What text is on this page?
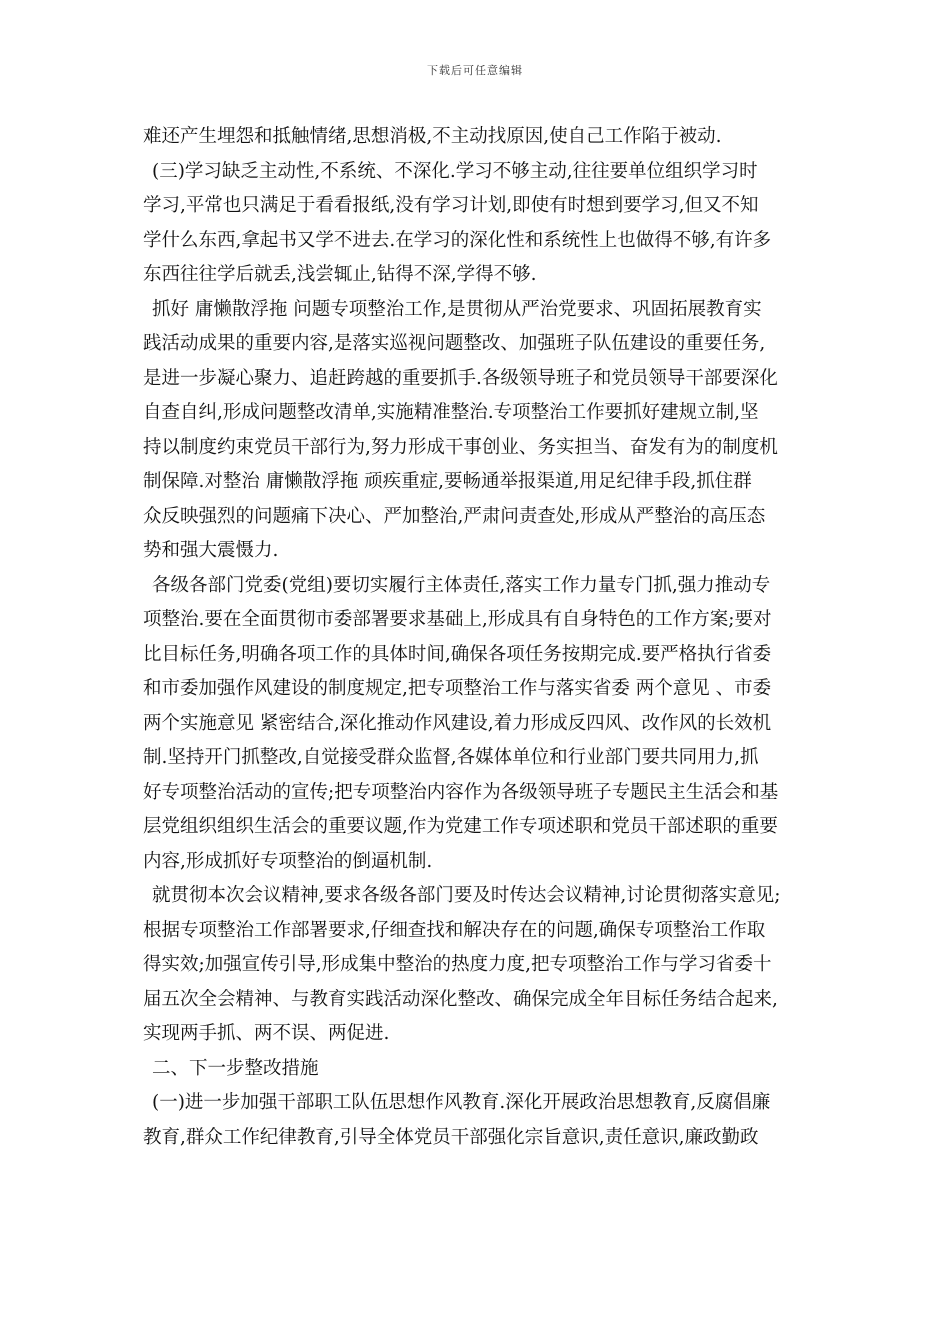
下载后可任意编辑
难还产生埋怨和抵触情绪,思想消极,不主动找原因,使自己工作陷于被动.
(三)学习缺乏主动性,不系统、不深化.学习不够主动,往往要单位组织学习时
学习,平常也只满足于看看报纸,没有学习计划,即使有时想到要学习,但又不知
学什么东西,拿起书又学不进去.在学习的深化性和系统性上也做得不够,有许多
东西往往学后就丢,浅尝辄止,钻得不深,学得不够.
抓好 庸懒散浮拖 问题专项整治工作,是贯彻从严治党要求、巩固拓展教育实
践活动成果的重要内容,是落实巡视问题整改、加强班子队伍建设的重要任务,
是进一步凝心聚力、追赶跨越的重要抓手.各级领导班子和党员领导干部要深化
自查自纠,形成问题整改清单,实施精准整治.专项整治工作要抓好建规立制,坚
持以制度约束党员干部行为,努力形成干事创业、务实担当、奋发有为的制度机
制保障.对整治 庸懒散浮拖 顽疾重症,要畅通举报渠道,用足纪律手段,抓住群
众反映强烈的问题痛下决心、严加整治,严肃问责查处,形成从严整治的高压态
势和强大震慑力.
各级各部门党委(党组)要切实履行主体责任,落实工作力量专门抓,强力推动专
项整治.要在全面贯彻市委部署要求基础上,形成具有自身特色的工作方案;要对
比目标任务,明确各项工作的具体时间,确保各项任务按期完成.要严格执行省委
和市委加强作风建设的制度规定,把专项整治工作与落实省委 两个意见 、市委
两个实施意见 紧密结合,深化推动作风建设,着力形成反四风、改作风的长效机
制.坚持开门抓整改,自觉接受群众监督,各媒体单位和行业部门要共同用力,抓
好专项整治活动的宣传;把专项整治内容作为各级领导班子专题民主生活会和基
层党组织组织生活会的重要议题,作为党建工作专项述职和党员干部述职的重要
内容,形成抓好专项整治的倒逼机制.
就贯彻本次会议精神,要求各级各部门要及时传达会议精神,讨论贯彻落实意见;
根据专项整治工作部署要求,仔细查找和解决存在的问题,确保专项整治工作取
得实效;加强宣传引导,形成集中整治的热度力度,把专项整治工作与学习省委十
届五次全会精神、与教育实践活动深化整改、确保完成全年目标任务结合起来,
实现两手抓、两不误、两促进.
二、下一步整改措施
(一)进一步加强干部职工队伍思想作风教育.深化开展政治思想教育,反腐倡廉
教育,群众工作纪律教育,引导全体党员干部强化宗旨意识,责任意识,廉政勤政
